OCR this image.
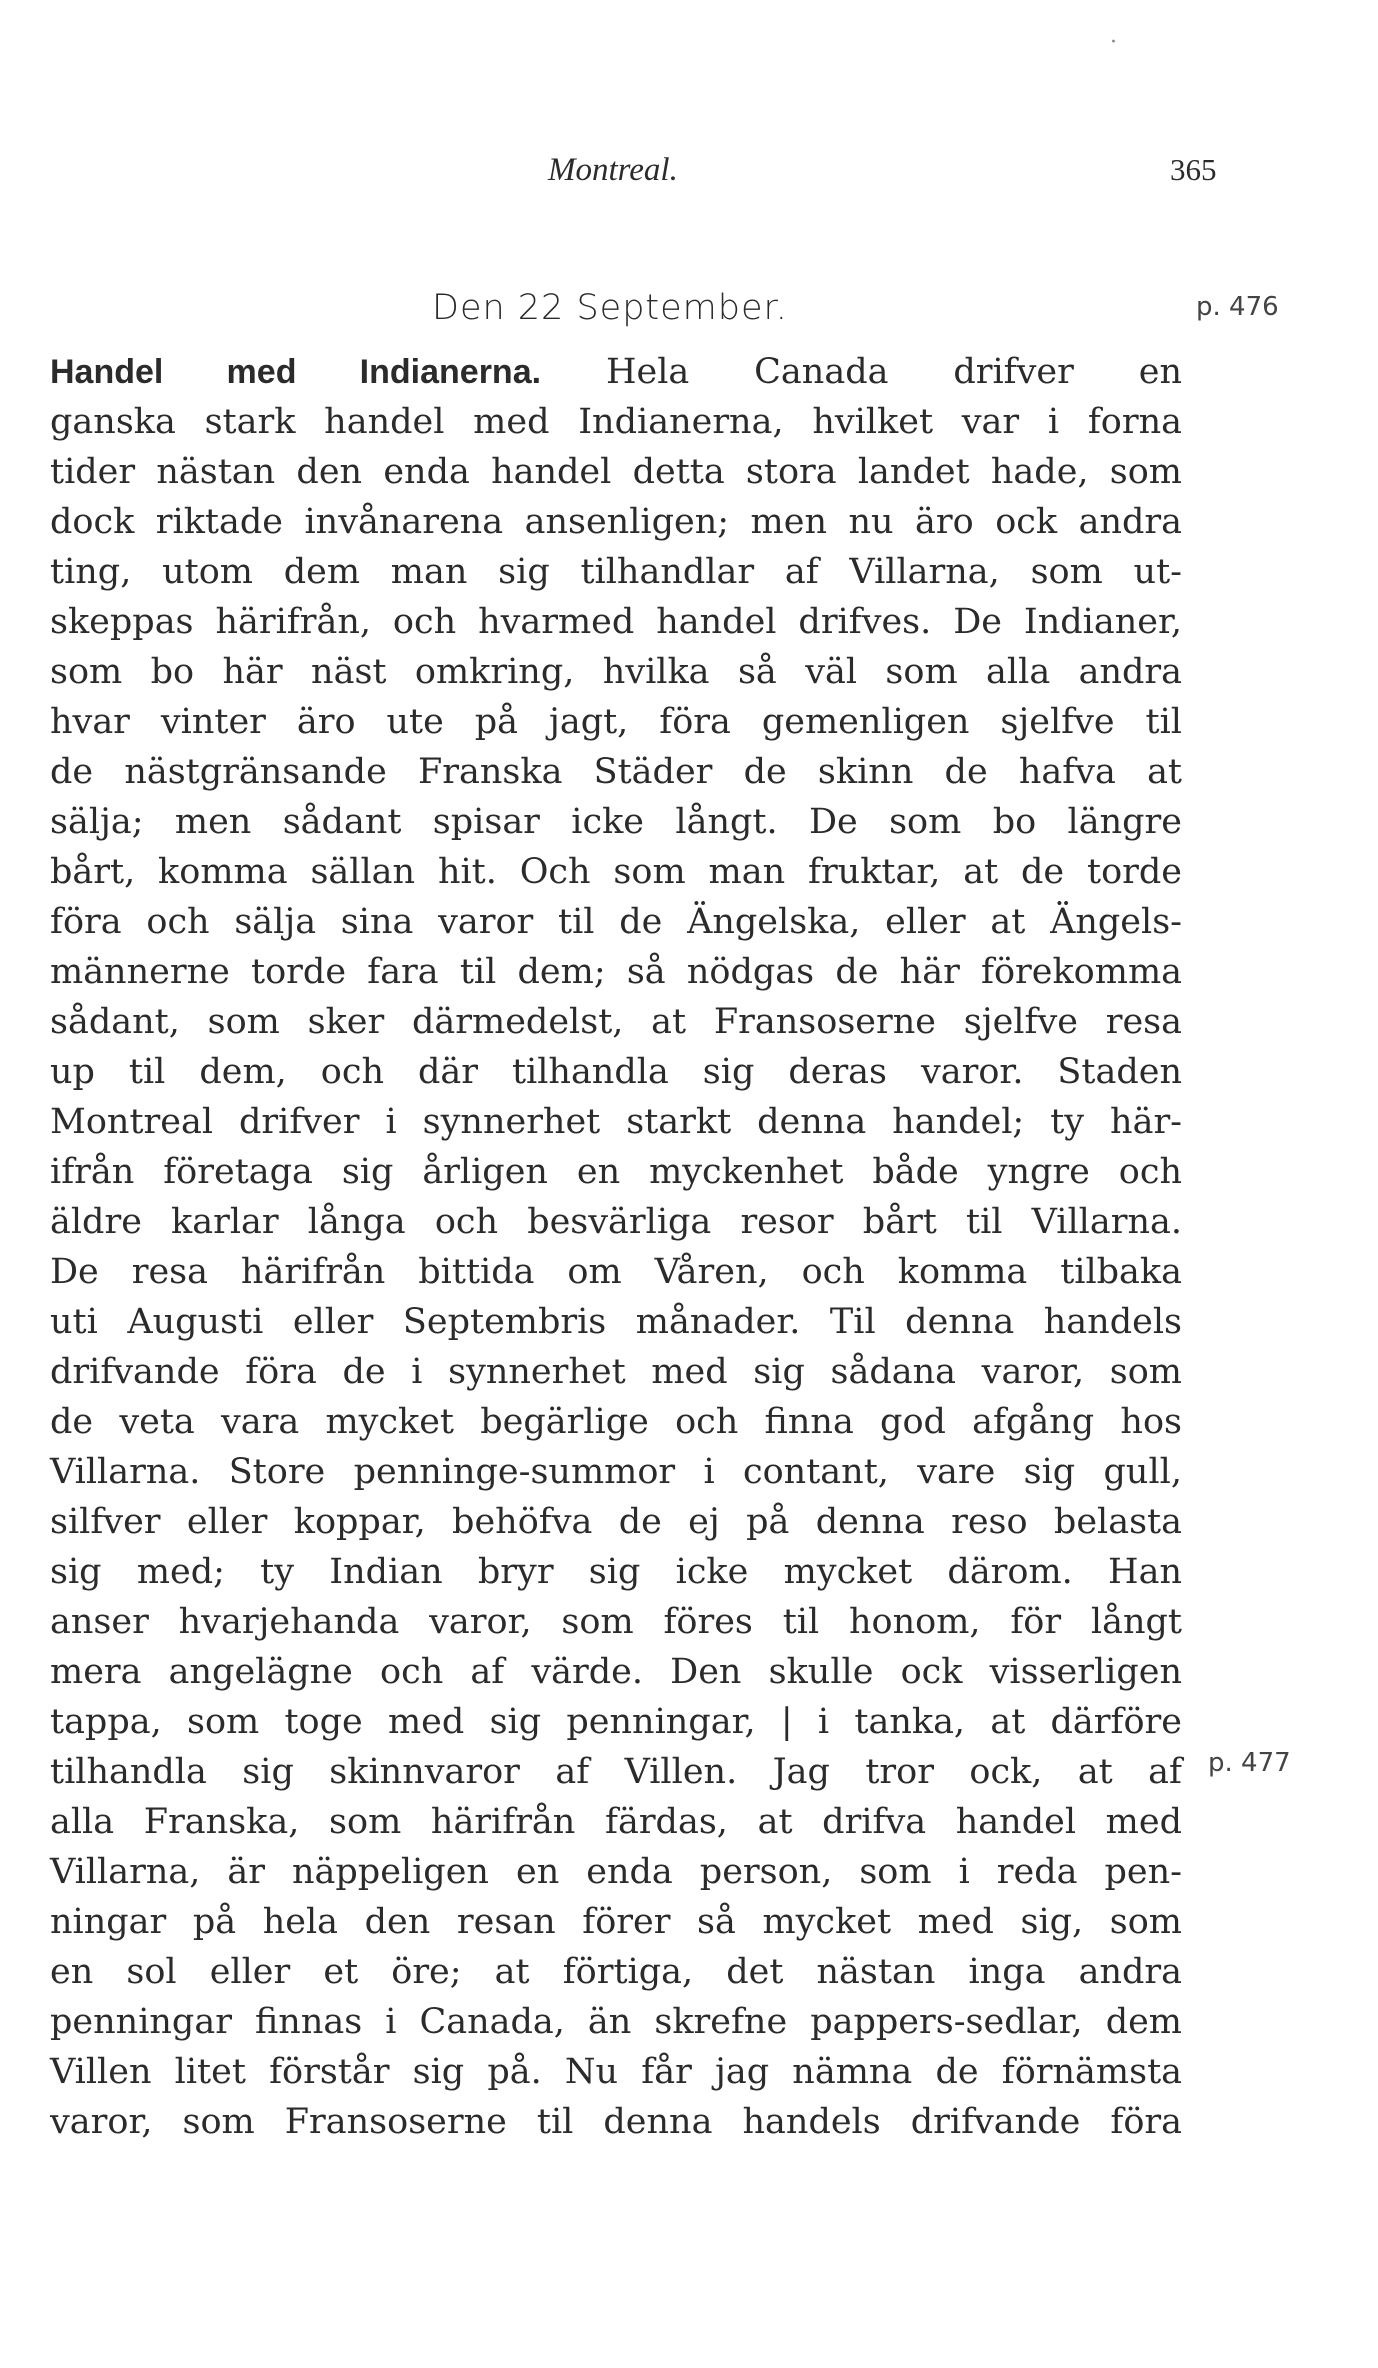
·
Montreal.	365
Den 22 September.	p. 476
p. 477
Handel med Indianerna. Hela Canada drifver en
ganska stark handel med Indianerna, hvilket var i forna
tider nästan den enda handel detta stora landet hade, som
dock riktade invånarena ansenligen; men nu äro ock andra
ting, utom dem man sig tilhandlar af Villarna, som ut-
skeppas härifrån, och hvarmed handel drifves. De Indianer,
som bo här näst omkring, hvilka så väl som alla andra
hvar vinter äro ute på jagt, föra gemenligen sjelfve til
de nästgränsande Franska Städer de skinn de hafva at
sälja; men sådant spisar icke långt. De som bo längre
bårt, komma sällan hit. Och som man fruktar, at de torde
föra och sälja sina varor til de Ängelska, eller at Ängels-
männerne torde fara til dem; så nödgas de här förekomma
sådant, som sker därmedelst, at Fransoserne sjelfve resa
up til dem, och där tilhandla sig deras varor. Staden
Montreal drifver i synnerhet starkt denna handel; ty här-
ifrån företaga sig årligen en myckenhet både yngre och
äldre karlar långa och besvärliga resor bårt til Villarna.
De resa härifrån bittida om Våren, och komma tilbaka
uti Augusti eller Septembris månader. Til denna handels
drifvande föra de i synnerhet med sig sådana varor, som
de veta vara mycket begärlige och finna god afgång hos
Villarna. Store penninge-summor i contant, vare sig gull,
silfver eller koppar, behöfva de ej på denna reso belasta
sig med; ty Indian bryr sig icke mycket därom. Han
anser hvarjehanda varor, som föres til honom, för långt
mera angelägne och af värde. Den skulle ock visserligen
tappa, som toge med sig penningar, | i tanka, at därföre
tilhandla sig skinnvaror af Villen. Jag tror ock, at af
alla Franska, som härifrån färdas, at drifva handel med
Villarna, är näppeligen en enda person, som i reda pen-
ningar på hela den resan förer så mycket med sig, som
en sol eller et öre; at förtiga, det nästan inga andra
penningar finnas i Canada, än skrefne pappers-sedlar, dem
Villen litet förstår sig på. Nu får jag nämna de förnämsta
varor, som Fransoserne til denna handels drifvande föra
